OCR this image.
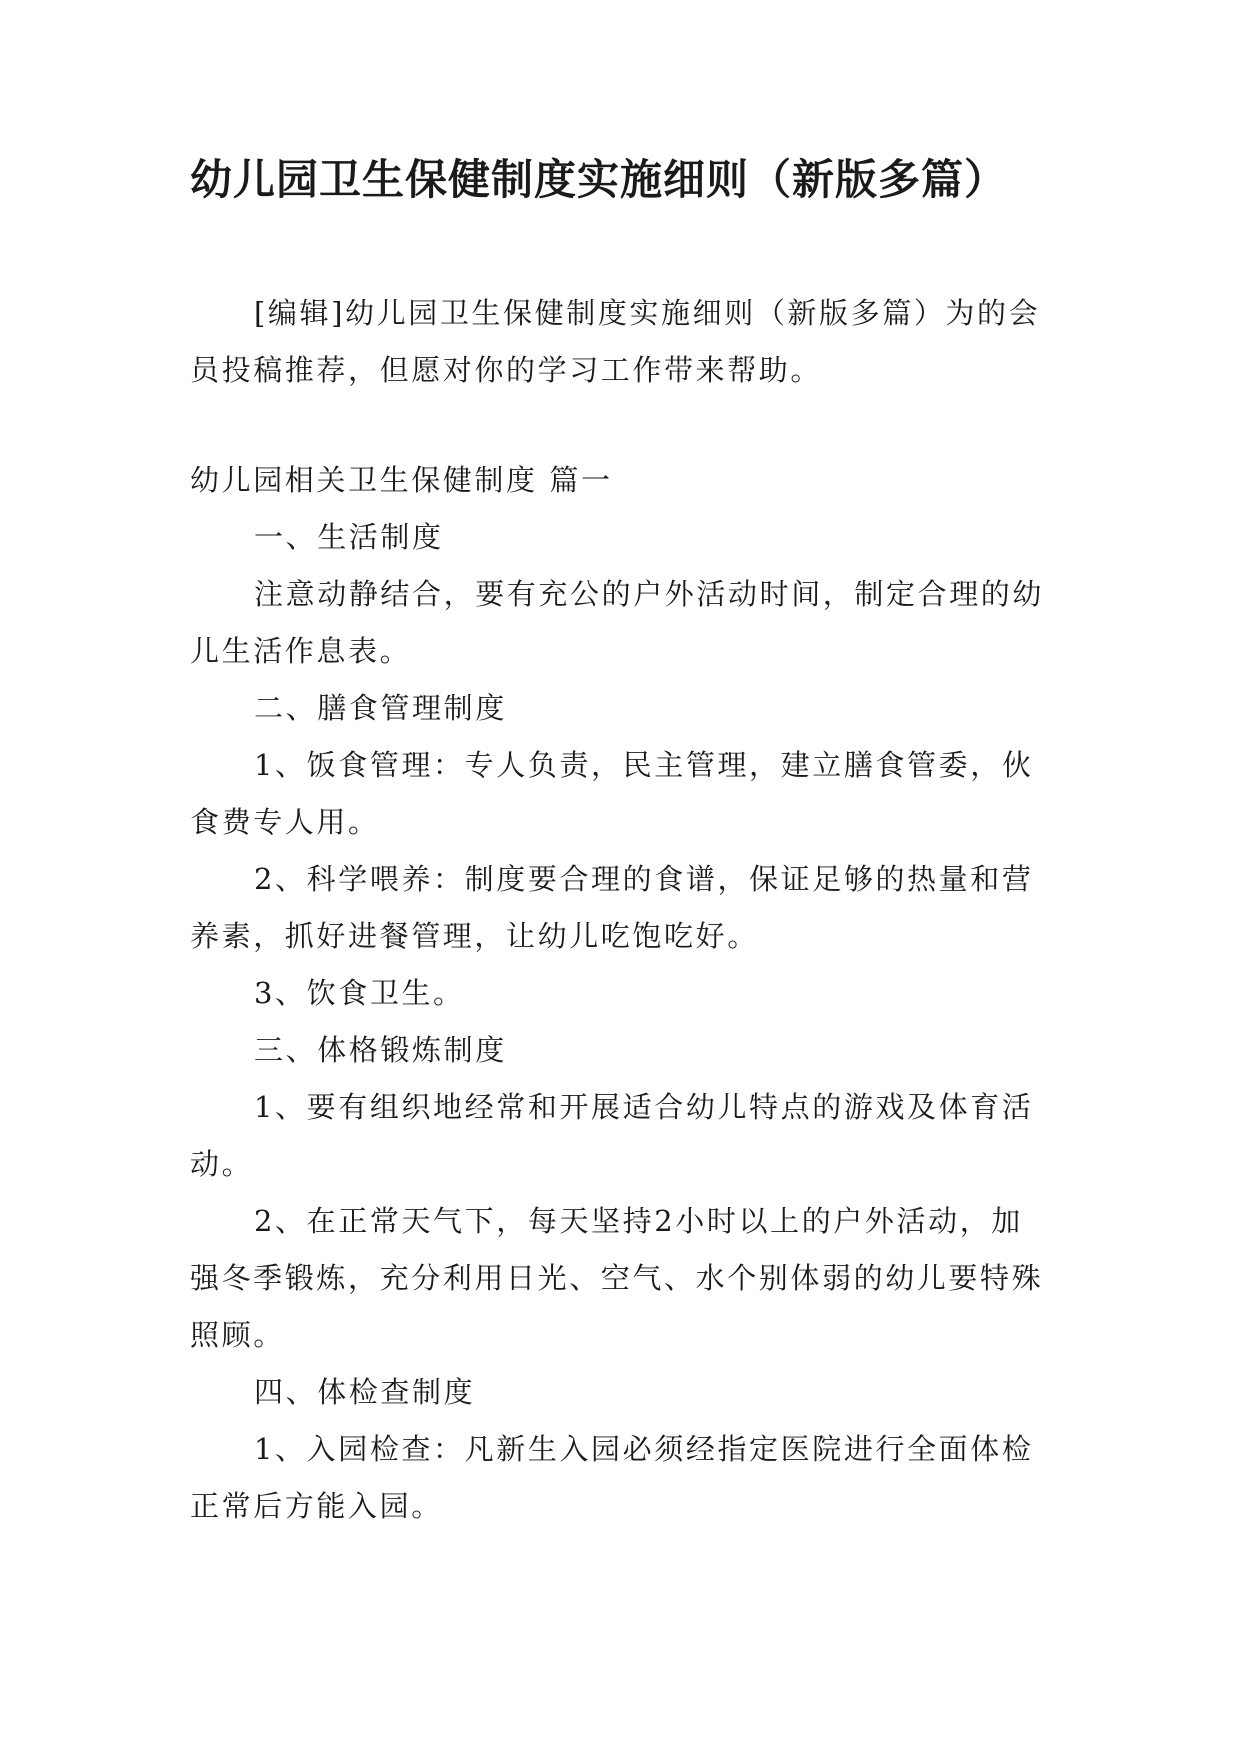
幼儿园卫生保健制度实施细则（新版多篇）

[编辑]幼儿园卫生保健制度实施细则（新版多篇）为的会员投稿推荐，但愿对你的学习工作带来帮助。

幼儿园相关卫生保健制度 篇一

一、生活制度

注意动静结合，要有充公的户外活动时间，制定合理的幼儿生活作息表。

二、膳食管理制度

1、饭食管理：专人负责，民主管理，建立膳食管委，伙食费专人用。

2、科学喂养：制度要合理的食谱，保证足够的热量和营养素，抓好进餐管理，让幼儿吃饱吃好。

3、饮食卫生。

三、体格锻炼制度

1、要有组织地经常和开展适合幼儿特点的游戏及体育活动。

2、在正常天气下，每天坚持2小时以上的户外活动，加强冬季锻炼，充分利用日光、空气、水个别体弱的幼儿要特殊照顾。

四、体检查制度

1、入园检查：凡新生入园必须经指定医院进行全面体检正常后方能入园。
